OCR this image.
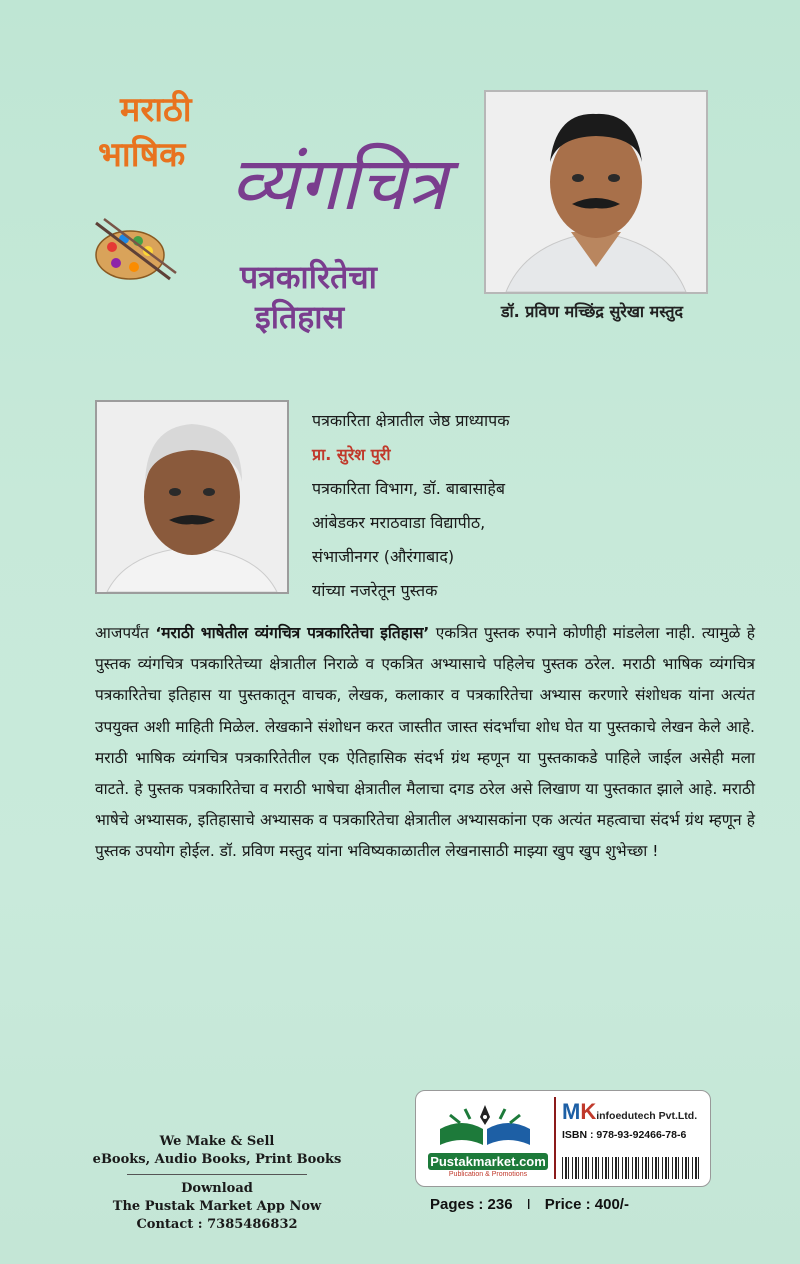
मराठी
भाषिक व्यंगचित्र
पत्रकारितेचा
इतिहास	डॉ. प्रविण मच्छिंद्र सुरेखा मस्तुद
पत्रकारिता क्षेत्रातील जेष्ठ प्राध्यापक
प्रा. सुरेश पुरी
पत्रकारिता विभाग, डॉ. बाबासाहेब
आंबेडकर मराठवाडा विद्यापीठ,
संभाजीनगर (औरंगाबाद)
यांच्या नजरेतून पुस्तक
आजपर्यंत ‘मराठी भाषेतील व्यंगचित्र पत्रकारितेचा इतिहास’ एकत्रित पुस्तक रुपाने कोणीही मांडलेला नाही. त्यामुळे हे पुस्तक व्यंगचित्र पत्रकारितेच्या क्षेत्रातील निराळे व एकत्रित अभ्यासाचे पहिलेच पुस्तक ठरेल. मराठी भाषिक व्यंगचित्र पत्रकारितेचा इतिहास या पुस्तकातून वाचक, लेखक, कलाकार व पत्रकारितेचा अभ्यास करणारे संशोधक यांना अत्यंत उपयुक्त अशी माहिती मिळेल. लेखकाने संशोधन करत जास्तीत जास्त संदर्भांचा शोध घेत या पुस्तकाचे लेखन केले आहे. मराठी भाषिक व्यंगचित्र पत्रकारितेतील एक ऐतिहासिक संदर्भ ग्रंथ म्हणून या पुस्तकाकडे पाहिले जाईल असेही मला वाटते. हे पुस्तक पत्रकारितेचा व मराठी भाषेचा क्षेत्रातील मैलाचा दगड ठरेल असे लिखाण या पुस्तकात झाले आहे. मराठी भाषेचे अभ्यासक, इतिहासाचे अभ्यासक व पत्रकारितेचा क्षेत्रातील अभ्यासकांना एक अत्यंत महत्वाचा संदर्भ ग्रंथ म्हणून हे पुस्तक उपयोग होईल. डॉ. प्रविण मस्तुद यांना भविष्यकाळातील लेखनासाठी माझ्या खुप खुप शुभेच्छा !
We Make & Sell
eBooks, Audio Books, Print Books
Download
The Pustak Market App Now
Contact : 7385486832
Pustakmarket.com
Publication & Promotions
MKinfoedutech Pvt.Ltd.
ISBN : 978-93-92466-78-6
Pages : 236 I Price : 400/-
